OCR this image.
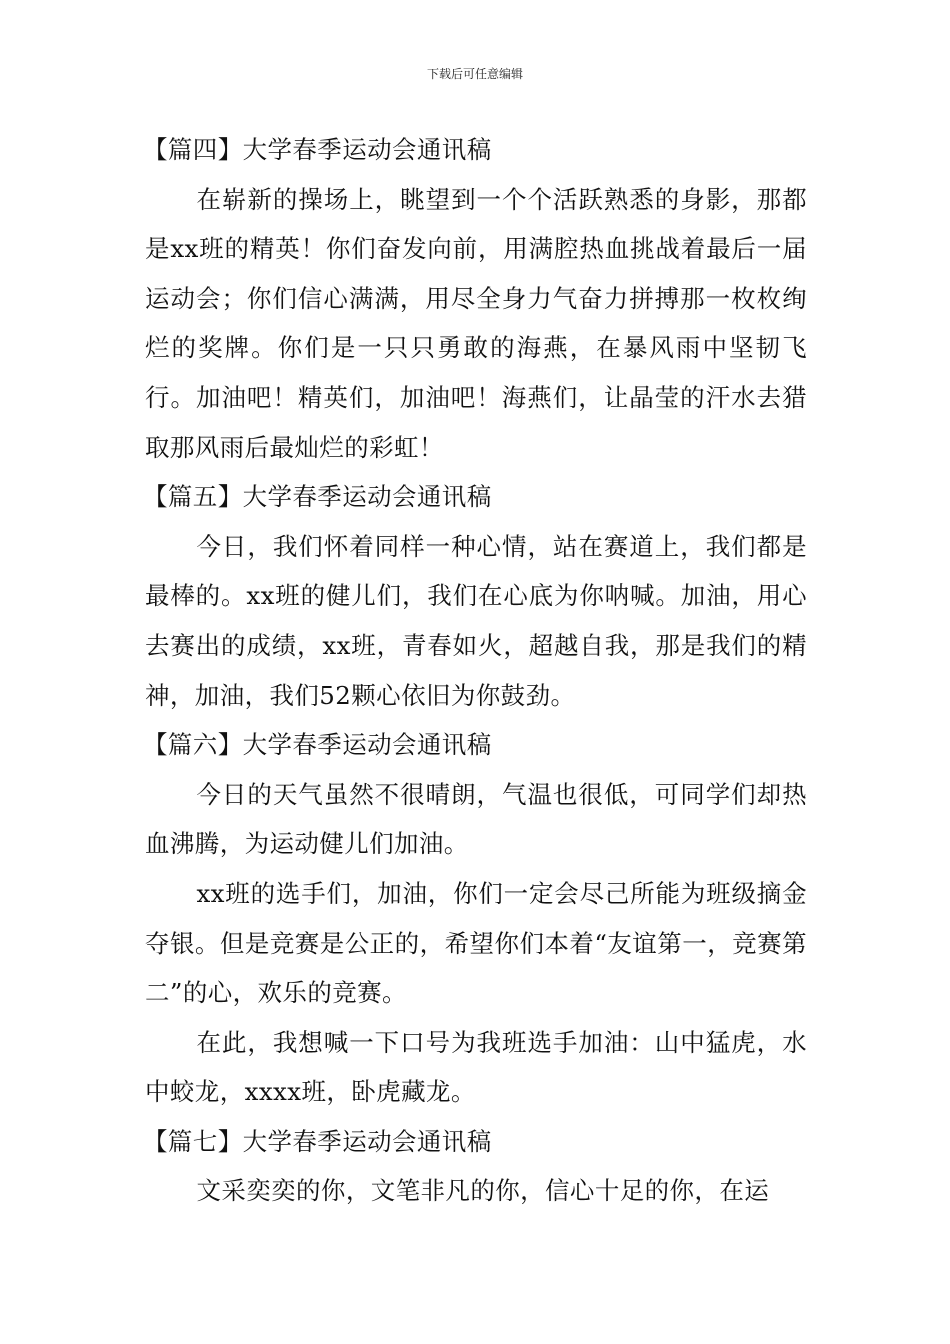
下载后可任意编辑
【篇四】大学春季运动会通讯稿

在崭新的操场上，眺望到一个个活跃熟悉的身影，那都是xx班的精英！你们奋发向前，用满腔热血挑战着最后一届运动会；你们信心满满，用尽全身力气奋力拼搏那一枚枚绚烂的奖牌。你们是一只只勇敢的海燕，在暴风雨中坚韧飞行。加油吧！精英们，加油吧！海燕们，让晶莹的汗水去猎取那风雨后最灿烂的彩虹！

【篇五】大学春季运动会通讯稿

今日，我们怀着同样一种心情，站在赛道上，我们都是最棒的。xx班的健儿们，我们在心底为你呐喊。加油，用心去赛出的成绩，xx班，青春如火，超越自我，那是我们的精神，加油，我们52颗心依旧为你鼓劲。

【篇六】大学春季运动会通讯稿

今日的天气虽然不很晴朗，气温也很低，可同学们却热血沸腾，为运动健儿们加油。

xx班的选手们，加油，你们一定会尽己所能为班级摘金夺银。但是竞赛是公正的，希望你们本着“友谊第一，竞赛第二”的心，欢乐的竞赛。

在此，我想喊一下口号为我班选手加油：山中猛虎，水中蛟龙，xxxx班，卧虎藏龙。

【篇七】大学春季运动会通讯稿

文采奕奕的你，文笔非凡的你，信心十足的你，在运
